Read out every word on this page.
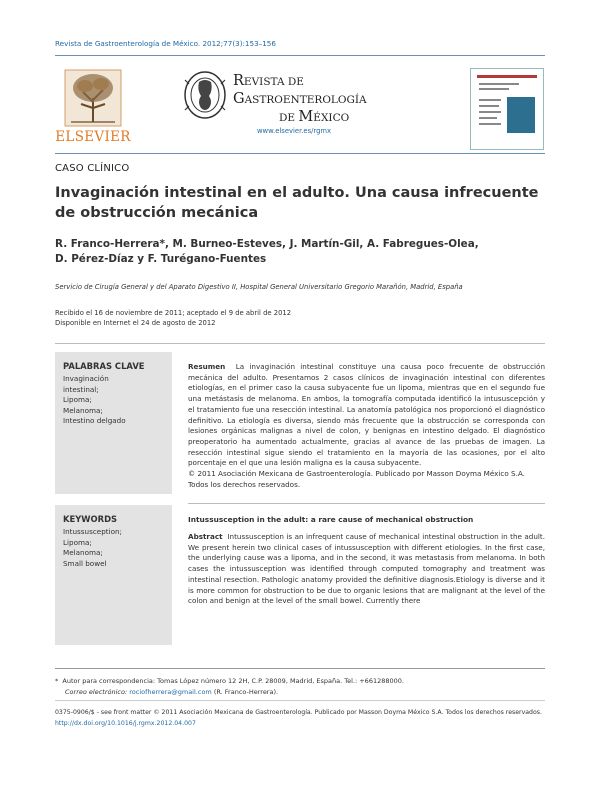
Revista de Gastroenterología de México. 2012;77(3):153–156
ELSEVIER
REVISTA DE
GASTROENTEROLOGÍA
DE MÉXICO
www.elsevier.es/rgmx
CASO CLÍNICO
Invaginación intestinal en el adulto. Una causa infrecuente de obstrucción mecánica
R. Franco-Herrera*, M. Burneo-Esteves, J. Martín-Gil, A. Fabregues-Olea,
D. Pérez-Díaz y F. Turégano-Fuentes
Servicio de Cirugía General y del Aparato Digestivo II, Hospital General Universitario Gregorio Marañón, Madrid, España
Recibido el 16 de noviembre de 2011; aceptado el 9 de abril de 2012
Disponible en Internet el 24 de agosto de 2012
PALABRAS CLAVE
Invaginación
intestinal;
Lipoma;
Melanoma;
Intestino delgado
Resumen La invaginación intestinal constituye una causa poco frecuente de obstrucción mecánica del adulto. Presentamos 2 casos clínicos de invaginación intestinal con diferentes etiologías, en el primer caso la causa subyacente fue un lipoma, mientras que en el segundo fue una metástasis de melanoma. En ambos, la tomografía computada identificó la intususcepción y el tratamiento fue una resección intestinal. La anatomía patológica nos proporcionó el diagnóstico definitivo. La etiología es diversa, siendo más frecuente que la obstrucción se corresponda con lesiones orgánicas malignas a nivel de colon, y benignas en intestino delgado. El diagnóstico preoperatorio ha aumentado actualmente, gracias al avance de las pruebas de imagen. La resección intestinal sigue siendo el tratamiento en la mayoría de las ocasiones, por el alto porcentaje en el que una lesión maligna es la causa subyacente.
© 2011 Asociación Mexicana de Gastroenterología. Publicado por Masson Doyma México S.A.
Todos los derechos reservados.
KEYWORDS
Intussusception;
Lipoma;
Melanoma;
Small bowel
Intussusception in the adult: a rare cause of mechanical obstruction
Abstract Intussusception is an infrequent cause of mechanical intestinal obstruction in the adult. We present herein two clinical cases of intussusception with different etiologies. In the first case, the underlying cause was a lipoma, and in the second, it was metastasis from melanoma. In both cases the intussusception was identified through computed tomography and treatment was intestinal resection. Pathologic anatomy provided the definitive diagnosis.Etiology is diverse and it is more common for obstruction to be due to organic lesions that are malignant at the level of the colon and benign at the level of the small bowel. Currently there
* Autor para correspondencia: Tomas López número 12 2H, C.P. 28009, Madrid, España. Tel.: +661288000.
Correo electrónico: rociofherrera@gmail.com (R. Franco-Herrera).
0375-0906/$ - see front matter © 2011 Asociación Mexicana de Gastroenterología. Publicado por Masson Doyma México S.A. Todos los derechos reservados.
http://dx.doi.org/10.1016/j.rgmx.2012.04.007
